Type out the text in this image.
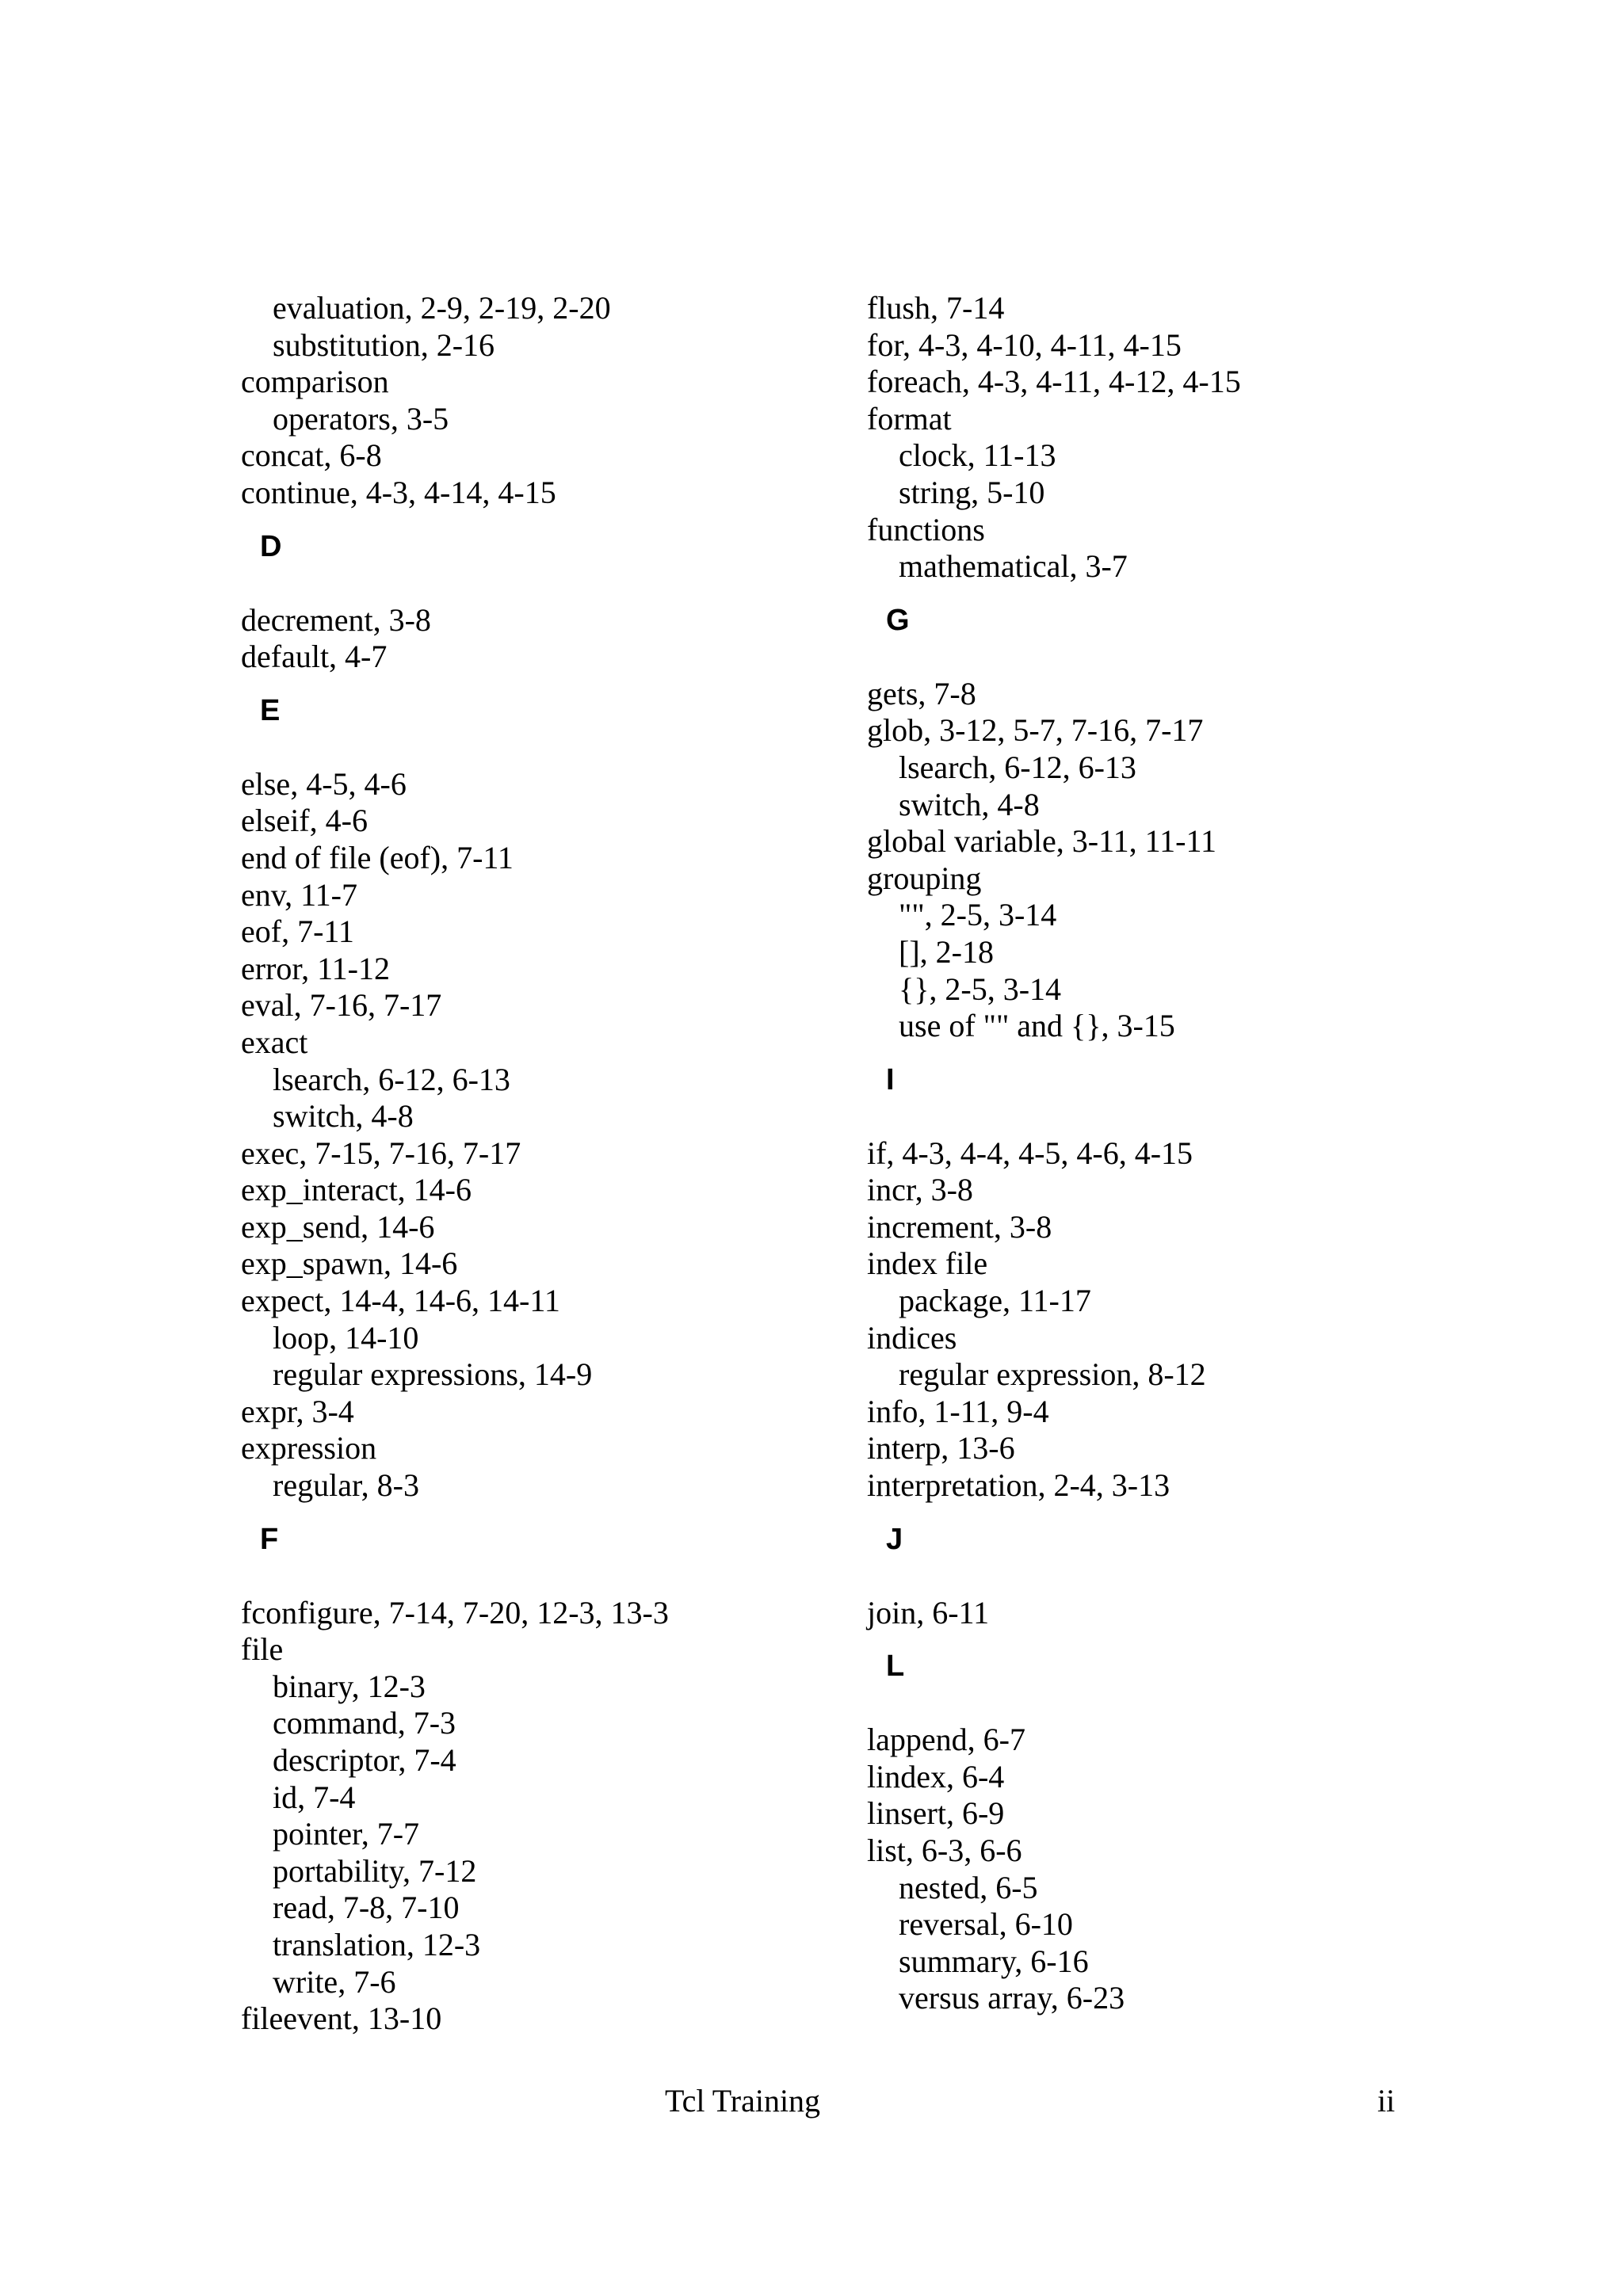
evaluation, 2-9, 2-19, 2-20
substitution, 2-16
comparison
operators, 3-5
concat, 6-8
continue, 4-3, 4-14, 4-15
D
decrement, 3-8
default, 4-7
E
else, 4-5, 4-6
elseif, 4-6
end of file (eof), 7-11
env, 11-7
eof, 7-11
error, 11-12
eval, 7-16, 7-17
exact
lsearch, 6-12, 6-13
switch, 4-8
exec, 7-15, 7-16, 7-17
exp_interact, 14-6
exp_send, 14-6
exp_spawn, 14-6
expect, 14-4, 14-6, 14-11
loop, 14-10
regular expressions, 14-9
expr, 3-4
expression
regular, 8-3
F
fconfigure, 7-14, 7-20, 12-3, 13-3
file
binary, 12-3
command, 7-3
descriptor, 7-4
id, 7-4
pointer, 7-7
portability, 7-12
read, 7-8, 7-10
translation, 12-3
write, 7-6
fileevent, 13-10
flush, 7-14
for, 4-3, 4-10, 4-11, 4-15
foreach, 4-3, 4-11, 4-12, 4-15
format
clock, 11-13
string, 5-10
functions
mathematical, 3-7
G
gets, 7-8
glob, 3-12, 5-7, 7-16, 7-17
lsearch, 6-12, 6-13
switch, 4-8
global variable, 3-11, 11-11
grouping
"", 2-5, 3-14
[], 2-18
{}, 2-5, 3-14
use of "" and {}, 3-15
I
if, 4-3, 4-4, 4-5, 4-6, 4-15
incr, 3-8
increment, 3-8
index file
package, 11-17
indices
regular expression, 8-12
info, 1-11, 9-4
interp, 13-6
interpretation, 2-4, 3-13
J
join, 6-11
L
lappend, 6-7
lindex, 6-4
linsert, 6-9
list, 6-3, 6-6
nested, 6-5
reversal, 6-10
summary, 6-16
versus array, 6-23
Tcl Training	ii
